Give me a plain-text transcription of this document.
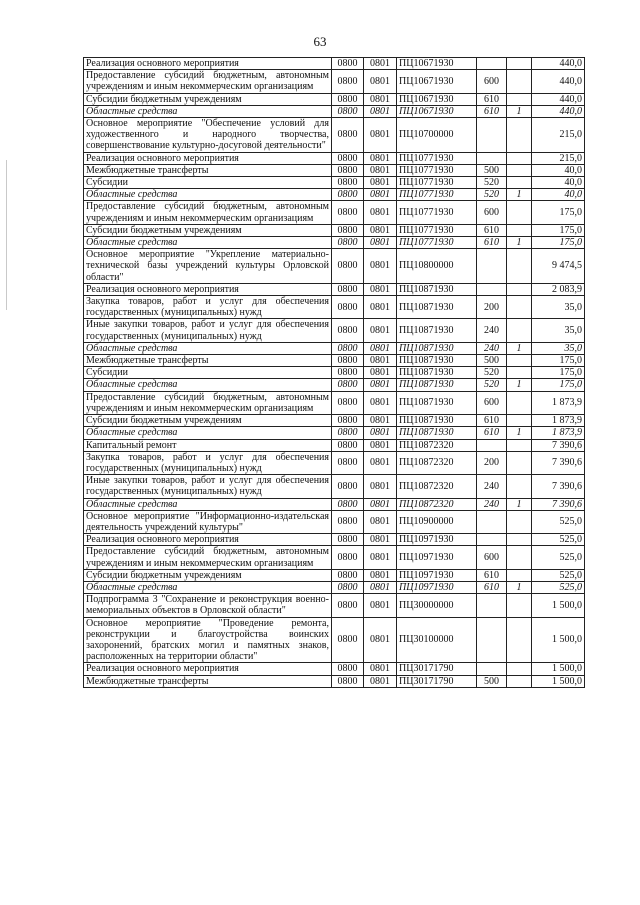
63
Реализация основного мероприятия	0800	0801	ПЦ10671930			440,0
Предоставление субсидий бюджетным, автономным учреждениям и иным некоммерческим организациям	0800	0801	ПЦ10671930	600		440,0
Субсидии бюджетным учреждениям	0800	0801	ПЦ10671930	610		440,0
Областные средства	0800	0801	ПЦ10671930	610	1	440,0
Основное мероприятие "Обеспечение условий для художественного и народного творчества, совершенствование культурно-досуговой деятельности"	0800	0801	ПЦ10700000			215,0
Реализация основного мероприятия	0800	0801	ПЦ10771930			215,0
Межбюджетные трансферты	0800	0801	ПЦ10771930	500		40,0
Субсидии	0800	0801	ПЦ10771930	520		40,0
Областные средства	0800	0801	ПЦ10771930	520	1	40,0
Предоставление субсидий бюджетным, автономным учреждениям и иным некоммерческим организациям	0800	0801	ПЦ10771930	600		175,0
Субсидии бюджетным учреждениям	0800	0801	ПЦ10771930	610		175,0
Областные средства	0800	0801	ПЦ10771930	610	1	175,0
Основное мероприятие "Укрепление материально-технической базы учреждений культуры Орловской области"	0800	0801	ПЦ10800000			9 474,5
Реализация основного мероприятия	0800	0801	ПЦ10871930			2 083,9
Закупка товаров, работ и услуг для обеспечения государственных (муниципальных) нужд	0800	0801	ПЦ10871930	200		35,0
Иные закупки товаров, работ и услуг для обеспечения государственных (муниципальных) нужд	0800	0801	ПЦ10871930	240		35,0
Областные средства	0800	0801	ПЦ10871930	240	1	35,0
Межбюджетные трансферты	0800	0801	ПЦ10871930	500		175,0
Субсидии	0800	0801	ПЦ10871930	520		175,0
Областные средства	0800	0801	ПЦ10871930	520	1	175,0
Предоставление субсидий бюджетным, автономным учреждениям и иным некоммерческим организациям	0800	0801	ПЦ10871930	600		1 873,9
Субсидии бюджетным учреждениям	0800	0801	ПЦ10871930	610		1 873,9
Областные средства	0800	0801	ПЦ10871930	610	1	1 873,9
Капитальный ремонт	0800	0801	ПЦ10872320			7 390,6
Закупка товаров, работ и услуг для обеспечения государственных (муниципальных) нужд	0800	0801	ПЦ10872320	200		7 390,6
Иные закупки товаров, работ и услуг для обеспечения государственных (муниципальных) нужд	0800	0801	ПЦ10872320	240		7 390,6
Областные средства	0800	0801	ПЦ10872320	240	1	7 390,6
Основное мероприятие "Информационно-издательская деятельность учреждений культуры"	0800	0801	ПЦ10900000			525,0
Реализация основного мероприятия	0800	0801	ПЦ10971930			525,0
Предоставление субсидий бюджетным, автономным учреждениям и иным некоммерческим организациям	0800	0801	ПЦ10971930	600		525,0
Субсидии бюджетным учреждениям	0800	0801	ПЦ10971930	610		525,0
Областные средства	0800	0801	ПЦ10971930	610	1	525,0
Подпрограмма 3 "Сохранение и реконструкция военно-мемориальных объектов в Орловской области"	0800	0801	ПЦ30000000			1 500,0
Основное мероприятие "Проведение ремонта, реконструкции и благоустройства воинских захоронений, братских могил и памятных знаков, расположенных на территории области"	0800	0801	ПЦ30100000			1 500,0
Реализация основного мероприятия	0800	0801	ПЦ30171790			1 500,0
Межбюджетные трансферты	0800	0801	ПЦ30171790	500		1 500,0
